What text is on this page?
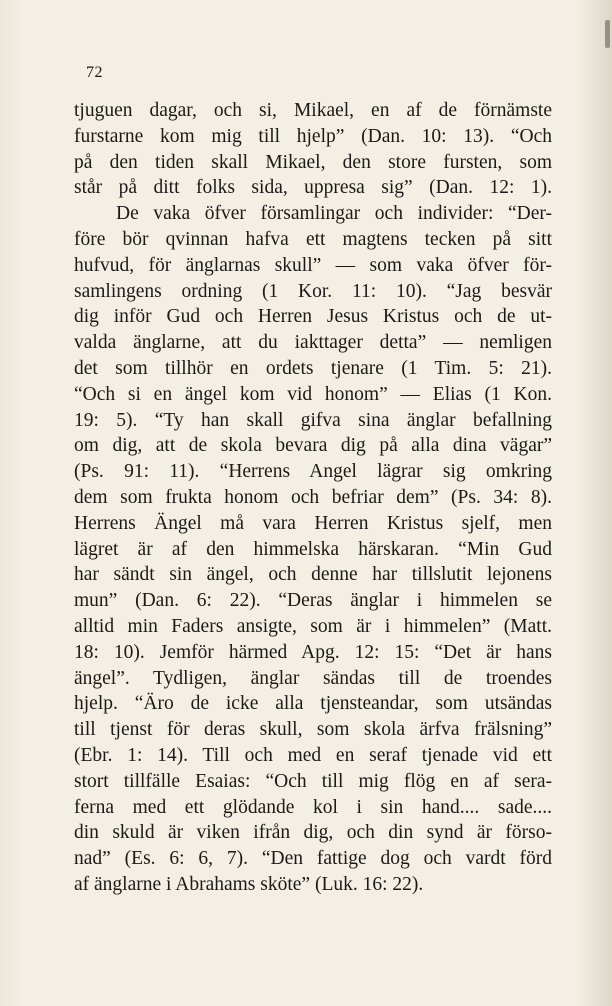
72
tjuguen dagar, och si, Mikael, en af de förnämste
furstarne kom mig till hjelp” (Dan. 10: 13). “Och
på den tiden skall Mikael, den store fursten, som
står på ditt folks sida, uppresa sig” (Dan. 12: 1).
De vaka öfver församlingar och individer: “Der-
före bör qvinnan hafva ett magtens tecken på sitt
hufvud, för änglarnas skull” — som vaka öfver för-
samlingens ordning (1 Kor. 11: 10). “Jag besvär
dig inför Gud och Herren Jesus Kristus och de ut-
valda änglarne, att du iakttager detta” — nemligen
det som tillhör en ordets tjenare (1 Tim. 5: 21).
“Och si en ängel kom vid honom” — Elias (1 Kon.
19: 5). “Ty han skall gifva sina änglar befallning
om dig, att de skola bevara dig på alla dina vägar”
(Ps. 91: 11). “Herrens Angel lägrar sig omkring
dem som frukta honom och befriar dem” (Ps. 34: 8).
Herrens Ängel må vara Herren Kristus sjelf, men
lägret är af den himmelska härskaran. “Min Gud
har sändt sin ängel, och denne har tillslutit lejonens
mun” (Dan. 6: 22). “Deras änglar i himmelen se
alltid min Faders ansigte, som är i himmelen” (Matt.
18: 10). Jemför härmed Apg. 12: 15: “Det är hans
ängel”. Tydligen, änglar sändas till de troendes
hjelp. “Äro de icke alla tjensteandar, som utsändas
till tjenst för deras skull, som skola ärfva frälsning”
(Ebr. 1: 14). Till och med en seraf tjenade vid ett
stort tillfälle Esaias: “Och till mig flög en af sera-
ferna med ett glödande kol i sin hand.... sade....
din skuld är viken ifrån dig, och din synd är förso-
nad” (Es. 6: 6, 7). “Den fattige dog och vardt förd
af änglarne i Abrahams sköte” (Luk. 16: 22).
